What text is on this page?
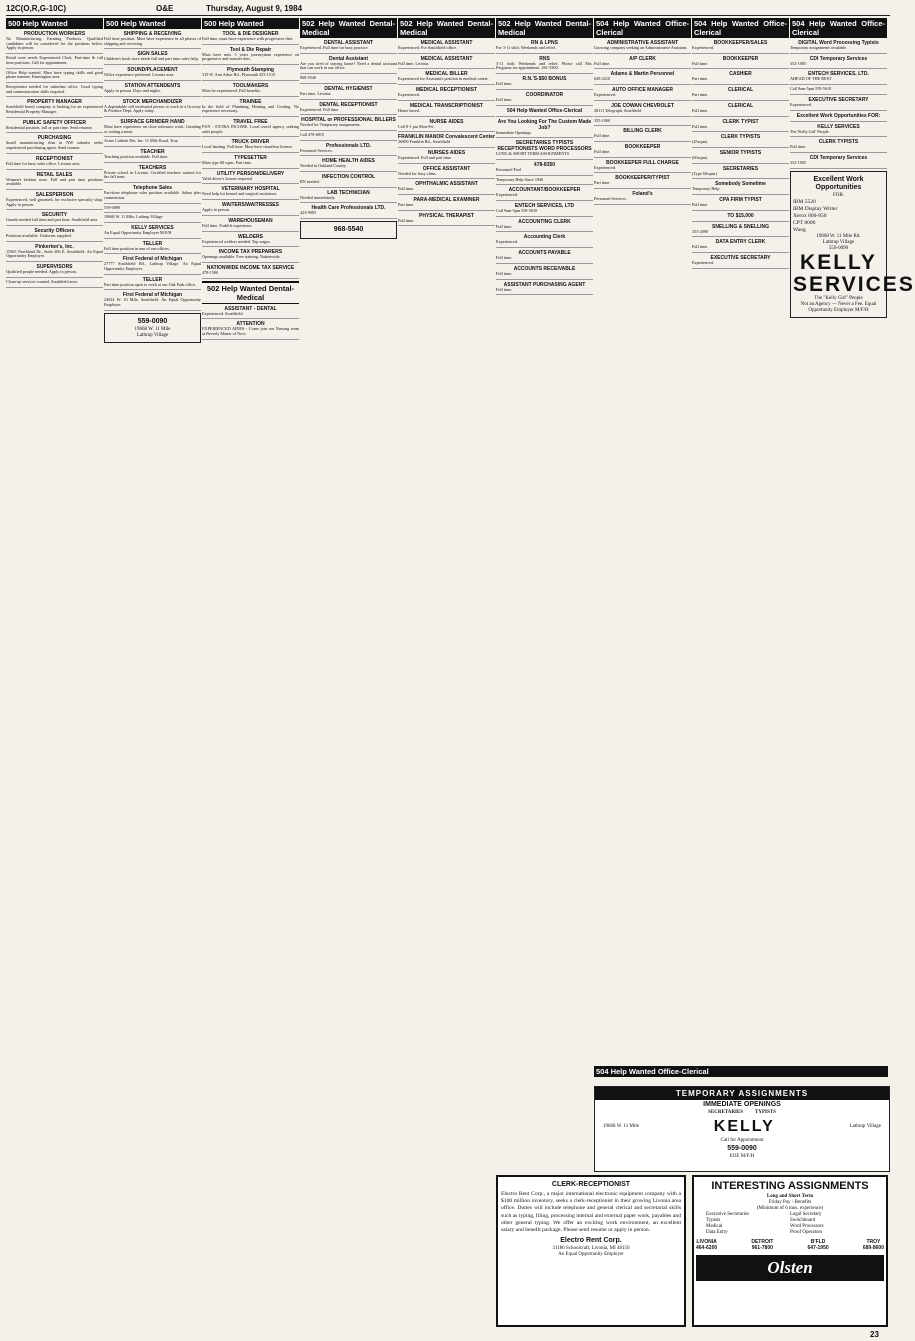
12C(O,R,G-10C)	O&E	Thursday, August 9, 1984
500 Help Wanted

PRODUCTION WORKERS

No Manufacturing. Farming Products. Qualified candidates will be considered for the positions below. Apply in person.

Retail store needs Experienced Clerk. Part-time & full time positions. Call for appointment.

Office Help wanted. Must have typing skills and good phone manner. Farmington area.

Receptionist needed for suburban office. Good typing and communication skills required.

PROPERTY MANAGER

Southfield based company is looking for an experienced Residential Property Manager.

PUBLIC SAFETY OFFICER

Residential position, full or part time. Send resume.

PURCHASING

Small manufacturing firm in NW suburbs seeks experienced purchasing agent. Send resume.

RECEPTIONIST

Full time for busy sales office. Livonia area.

RETAIL SALES

Women's fashion store. Full and part time positions available.

SALESPERSON

Experienced, well groomed, for exclusive specialty shop. Apply in person.

SECURITY

Guards needed full time and part time. Southfield area.

Security Officers

Positions available. Uniforms supplied.

Pinkerton's, Inc.

15565 Northland Dr., Suite 206 E, Southfield. An Equal Opportunity Employer.

SUPERVISORS

Qualified people needed. Apply in person.

Clean-up services wanted. Southfield area.

500 Help Wanted

SHIPPING & RECEIVING

Full time position. Must have experience in all phases of shipping and receiving.

SIGN SALES

Children's book store needs full and part time sales help.

SOUND/PLACEMENT

Office experience preferred. Livonia area.

STATION ATTENDENTS

Apply in person. Days and nights.

STOCK MERCHANDIZER

A dependable self motivated person to work in a Grocery & Produce Dept. Apply today.

SURFACE GRINDER HAND

Must have experience on close tolerance work. Grinding or cutting a must.

Acme Carbide Die, Inc. 11 Mile Road, Troy.

TEACHER

Teaching position available. Full time.

TEACHERS

Private school in Livonia. Certified teachers wanted for the fall term.

Telephone Sales

Part-time telephone sales position available. Salary plus commission.

559-0090

19668 W. 11 Mile, Lathrup Village

KELLY SERVICES

An Equal Opportunity Employer M/F/H

TELLER

Full time position in one of our offices.

First Federal of Michigan

27777 Southfield Rd., Lathrup Village. An Equal Opportunity Employer.

TELLER

Part time position open to work at our Oak Park office.

First Federal of Michigan

24024 W. 10 Mile, Southfield. An Equal Opportunity Employer.

559-0090
19668 W. 11 Mile
Lathrup Village
500 Help Wanted

TOOL & DIE DESIGNER

Full time, must have experience with progressive dies.

Tool & Die Repair

Must have min. 3 years journeyman experience on progressive and transfer dies.

Plymouth Stamping

319 W. Ann Arbor Rd., Plymouth 453-1515

TOOLMAKERS

Must be experienced. Full benefits.

TRAINEE

In the field of Plumbing, Heating and Cooling. No experience necessary.

TRAVEL FREE

FUN - EXTRA INCOME. Local travel agency seeking sales people.

TRUCK DRIVER

Local hauling. Full time. Must have chauffeur license.

TYPESETTER

Must type 60 wpm. Part time.

UTILITY PERSON/DELIVERY

Valid driver's license required.

VETERINARY HOSPITAL

Need help for kennel and surgical assistance.

WAITERS/WAITRESSES

Apply in person.

WAREHOUSEMAN

Full time. Forklift experience.

WELDERS

Experienced welders needed. Top wages.

INCOME TAX PREPARERS

Openings available. Free training. Nationwide.

NATIONWIDE INCOME TAX SERVICE

478-1580

502 Help Wanted Dental-Medical

ASSISTANT - DENTAL

Experienced. Southfield.

ATTENTION

EXPERIENCED AIDES - Come join our Nursing team at Beverly Manor of Novi.

502 Help Wanted Dental-Medical

DENTAL ASSISTANT

Experienced. Full time for busy practice.

Dental Assistant

Are you tired of staying home? Need a dental assistant that can work in our office.

968-5540

DENTAL HYGIENIST

Part time. Livonia.

DENTAL RECEPTIONIST

Experienced. Full time.

HOSPITAL or PROFESSIONAL BILLERS

Needed for Temporary assignments.

Call 478-6815

Professionals LTD.

Personnel Services.

HOME HEALTH AIDES

Needed in Oakland County.

INFECTION CONTROL

RN needed.

LAB TECHNICIAN

Needed immediately.

Health Care Professionals LTD.

423-9005

968-5540
502 Help Wanted Dental-Medical

MEDICAL ASSISTANT

Experienced. For Southfield office.

MEDICAL ASSISTANT

Full time. Livonia.

MEDICAL BILLER

Experienced for Assistant's position in medical center.

MEDICAL RECEPTIONIST

Experienced.

MEDICAL TRANSCRIPTIONIST

Home based.

NURSE AIDES

Call 8-1 pm Mon-Fri.

FRANKLIN MANOR Convalescent Center

26900 Franklin Rd., Southfield

NURSES AIDES

Experienced. Full and part time.

OFFICE ASSISTANT

Needed for busy clinic.

OPHTHALMIC ASSISTANT

Full time.

PARA-MEDICAL EXAMINER

Part time.

PHYSICAL THERAPIST

Full time.

502 Help Wanted Dental-Medical

RN & LPNS

For 3-11 shift. Weekends and relief.

RNS

3-11 shift. Weekends and relief. Please call Mrs. Ferguson for appointment. 261-5300.

R.N.'S-$50 BONUS

Full time.

COORDINATOR

Full time.

504 Help Wanted Office-Clerical

Are You Looking For The Custom Made Job?

Immediate Openings

SECRETARIES TYPISTS RECEPTIONISTS WORD PROCESSORS

LONG & SHORT TERM ASSIGNMENTS

478-8350

Personnel Pool

Temporary Help Since 1946

ACCOUNTANT/BOOKKEEPER

Experienced.

ENTECH SERVICES, LTD

Call 9am-5pm 559-5610

ACCOUNTING CLERK

Full time.

Accounting Clerk

Experienced.

ACCOUNTS PAYABLE

Full time.

ACCOUNTS RECEIVABLE

Full time.

ASSISTANT PURCHASING AGENT

Full time.

504 Help Wanted Office-Clerical

ADMINISTRATIVE ASSISTANT

Growing company seeking an Administrative Assistant.

A/P CLERK

Full time.

Adams & Martin Personnel

649-2210

AUTO OFFICE MANAGER

Experienced.

JOE COWAN CHEVROLET

28111 Telegraph, Southfield

355-1000

BILLING CLERK

Full time.

BOOKKEEPER

Full time.

BOOKKEEPER FULL CHARGE

Experienced.

BOOKKEEPER/TYPIST

Part time.

Foland's

Personnel Services.

504 Help Wanted Office-Clerical

BOOKKEEPER/SALES

Experienced.

BOOKKEEPER

Full time.

CASHIER

Part time.

CLERICAL

Part time.

CLERICAL

Full time.

CLERK TYPIST

Full time.

CLERK TYPISTS

(45wpm)

SENIOR TYPISTS

(60wpm)

SECRETARIES

(Type 60wpm)

Somebody Sometime

Temporary Help

CPA FIRM TYPIST

Full time.

TO $15,000

SNELLING & SNELLING

353-2090

DATA ENTRY CLERK

Full time.

EXECUTIVE SECRETARY

Experienced.

504 Help Wanted Office-Clerical

DIGITAL Word Processing Typists

Temporary assignments available.

CDI Temporary Services

352-1005

ENTECH SERVICES, LTD.

AHEAD OF THE REST

Call 9am-5pm 559-5610

EXECUTIVE SECRETARY

Experienced.

Excellent Work Opportunities FOR:

KELLY SERVICES

The 'Kelly Girl' People

CLERK TYPISTS

Full time.

CDI Temporary Services

352-1005

Excellent Work Opportunities
FOR:
IBM 5520
IBM Display Writer
Xerox 800-850
CPT 8000
Wang
19668 W. 11 Mile Rd.
Lathrup Village
559-0090
KELLY SERVICES
The "Kelly Girl" People
Not an Agency — Never a Fee. Equal Opportunity Employer M/F/H
TEMPORARY ASSIGNMENTS
IMMEDIATE OPENINGS
SECRETARIES TYPISTS
19668 W. 11 Mile	KELLY	Lathrup Village
Call for Appointment
559-0090
EOE M/F/H
INTERESTING ASSIGNMENTS
Long and Short Term
Friday Pay - Benefits
(Minimum of 6 mos. experience)
Executive Secretaries	Legal Secretary
Typists	Switchboard
Medical	Word Processors
Data Entry	Proof Operators
LIVONIA
464-6200
DETROIT
961-7800
B'FLD
647-1950
TROY
689-8600
Olsten
CLERK-RECEPTIONIST

Electro Rent Corp., a major international electronic equipment company with a $100 million inventory, seeks a clerk-receptionist in their growing Livonia area office. Duties will include telephone and general clerical and secretarial skills such as typing, filing, processing internal and external paper work, payables and other general typing. We offer an exciting work environment, an excellent salary and benefit package. Please send resume or apply in person.

Electro Rent Corp.
31186 Schoolcraft, Livonia, MI 48150
An Equal Opportunity Employer
504 Help Wanted Office-Clerical
23
